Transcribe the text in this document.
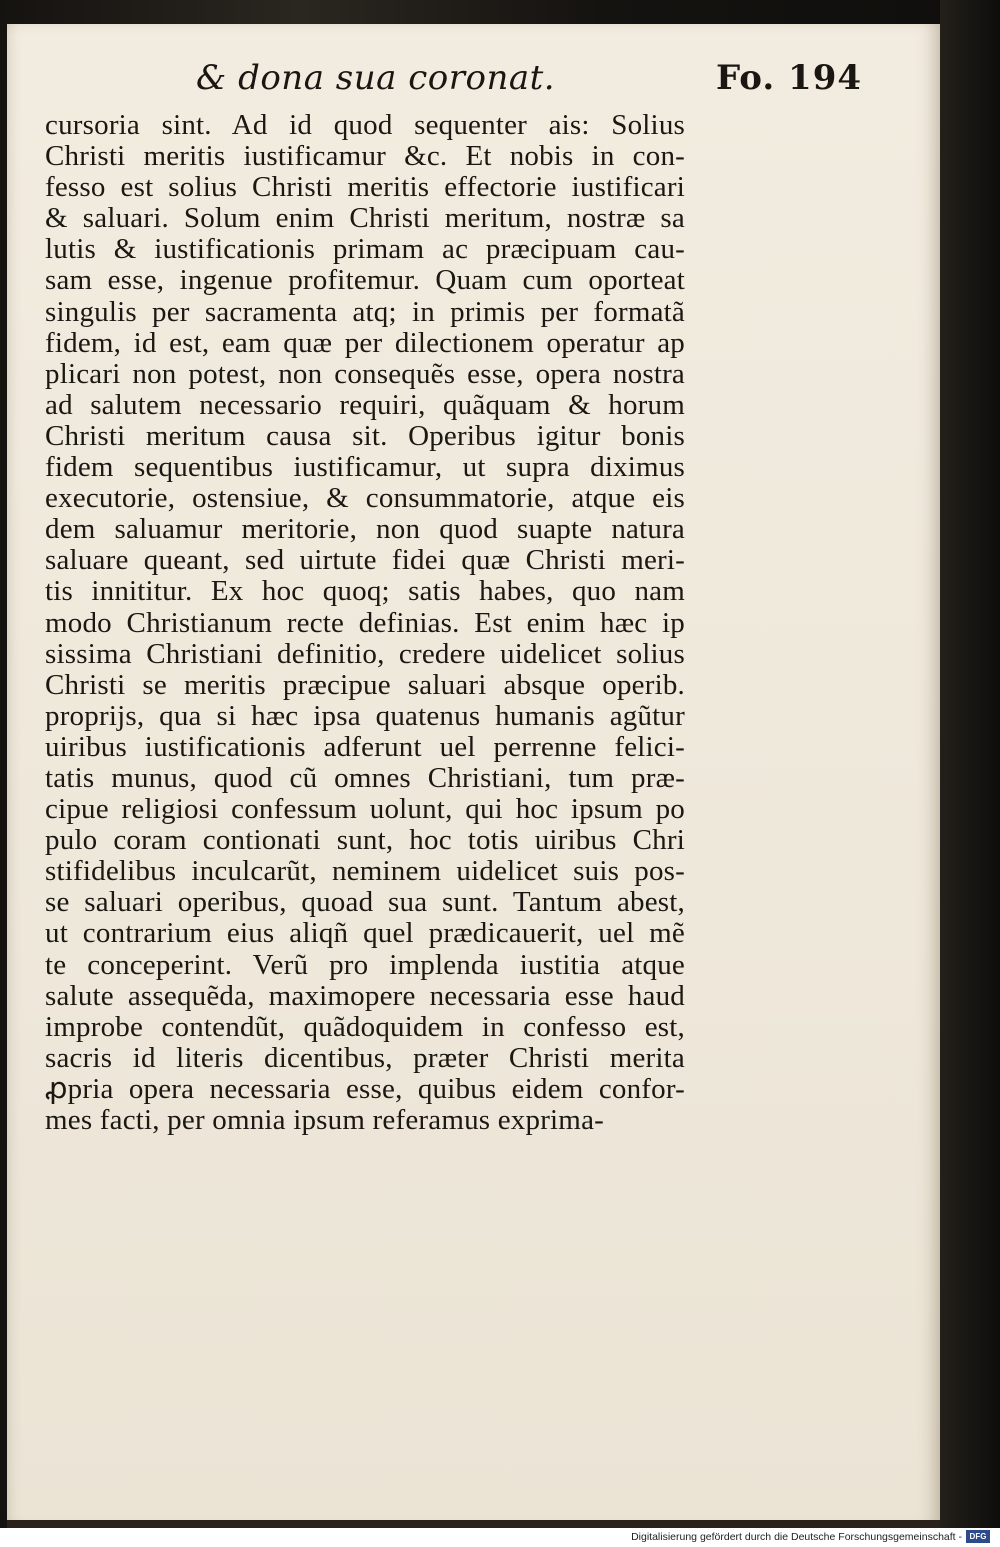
& dona sua coronat.	Fo. 194
cursoria sint. Ad id quod sequenter ais: Solius
Christi meritis iustificamur &c. Et nobis in con-
fesso est solius Christi meritis effectorie iustificari
& saluari. Solum enim Christi meritum, nostræ sa
lutis & iustificationis primam ac præcipuam cau-
sam esse, ingenue profitemur. Quam cum oporteat
singulis per sacramenta atq; in primis per formatã
fidem, id est, eam quæ per dilectionem operatur ap
plicari non potest, non consequẽs esse, opera nostra
ad salutem necessario requiri, quãquam & horum
Christi meritum causa sit. Operibus igitur bonis
fidem sequentibus iustificamur, ut supra diximus
executorie, ostensiue, & consummatorie, atque eis
dem saluamur meritorie, non quod suapte natura
saluare queant, sed uirtute fidei quæ Christi meri-
tis innititur. Ex hoc quoq; satis habes, quo nam
modo Christianum recte definias. Est enim hæc ip
sissima Christiani definitio, credere uidelicet solius
Christi se meritis præcipue saluari absque operib.
proprijs, qua si hæc ipsa quatenus humanis agũtur
uiribus iustificationis adferunt uel perrenne felici-
tatis munus, quod cũ omnes Christiani, tum præ-
cipue religiosi confessum uolunt, qui hoc ipsum po
pulo coram contionati sunt, hoc totis uiribus Chri
stifidelibus inculcarũt, neminem uidelicet suis pos-
se saluari operibus, quoad sua sunt. Tantum abest,
ut contrarium eius aliqñ quel prædicauerit, uel mẽ
te conceperint. Verũ pro implenda iustitia atque
salute assequẽda, maximopere necessaria esse haud
improbe contendũt, quãdoquidem in confesso est,
sacris id literis dicentibus, præter Christi merita
ꝓpria opera necessaria esse, quibus eidem confor-
mes facti, per omnia ipsum referamus exprima-
Digitalisierung gefördert durch die Deutsche Forschungsgemeinschaft - DFG
